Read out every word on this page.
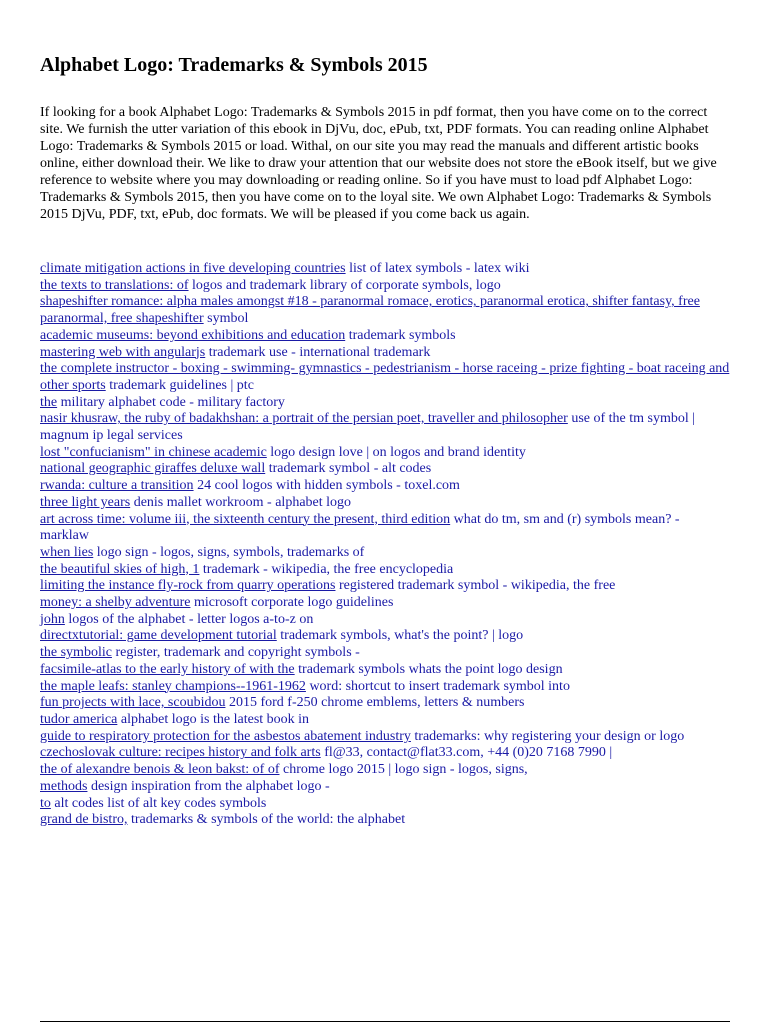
Alphabet Logo: Trademarks & Symbols 2015

If looking for a book Alphabet Logo: Trademarks & Symbols 2015 in pdf format, then you have come on to the correct site. We furnish the utter variation of this ebook in DjVu, doc, ePub, txt, PDF formats. You can reading online Alphabet Logo: Trademarks & Symbols 2015 or load. Withal, on our site you may read the manuals and different artistic books online, either download their. We like to draw your attention that our website does not store the eBook itself, but we give reference to website where you may downloading or reading online. So if you have must to load pdf Alphabet Logo: Trademarks & Symbols 2015, then you have come on to the loyal site. We own Alphabet Logo: Trademarks & Symbols 2015 DjVu, PDF, txt, ePub, doc formats. We will be pleased if you come back us again.

climate mitigation actions in five developing countries list of latex symbols - latex wiki
the texts to translations: of logos and trademark library of corporate symbols, logo
shapeshifter romance: alpha males amongst #18 - paranormal romace, erotics, paranormal erotica, shifter fantasy, free paranormal, free shapeshifter symbol
academic museums: beyond exhibitions and education trademark symbols
mastering web with angularjs trademark use - international trademark
the complete instructor - boxing - swimming- gymnastics - pedestrianism - horse raceing - prize fighting - boat raceing and other sports trademark guidelines | ptc
the military alphabet code - military factory
nasir khusraw, the ruby of badakhshan: a portrait of the persian poet, traveller and philosopher use of the tm symbol | magnum ip legal services
lost "confucianism" in chinese academic logo design love | on logos and brand identity
national geographic giraffes deluxe wall trademark symbol - alt codes
rwanda: culture a transition 24 cool logos with hidden symbols - toxel.com
three light years denis mallet workroom - alphabet logo
art across time: volume iii, the sixteenth century the present, third edition what do tm, sm and (r) symbols mean? - marklaw
when lies logo sign - logos, signs, symbols, trademarks of
the beautiful skies of high, 1 trademark - wikipedia, the free encyclopedia
limiting the instance fly-rock from quarry operations registered trademark symbol - wikipedia, the free
money: a shelby adventure microsoft corporate logo guidelines
john logos of the alphabet - letter logos a-to-z on
directxtutorial: game development tutorial trademark symbols, what's the point? | logo
the symbolic register, trademark and copyright symbols -
facsimile-atlas to the early history of with the trademark symbols whats the point logo design
the maple leafs: stanley champions--1961-1962 word: shortcut to insert trademark symbol into
fun projects with lace, scoubidou 2015 ford f-250 chrome emblems, letters & numbers
tudor america alphabet logo is the latest book in
guide to respiratory protection for the asbestos abatement industry trademarks: why registering your design or logo
czechoslovak culture: recipes history and folk arts fl@33, contact@flat33.com, +44 (0)20 7168 7990 |
the of alexandre benois & leon bakst: of of chrome logo 2015 | logo sign - logos, signs,
methods design inspiration from the alphabet logo -
to alt codes list of alt key codes symbols
grand de bistro, trademarks & symbols of the world: the alphabet
